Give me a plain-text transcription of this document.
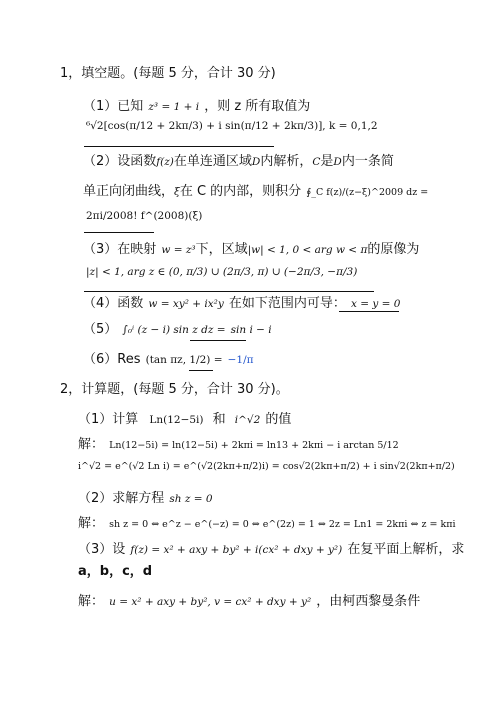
1，填空题。(每题 5 分，合计 30 分)
（1）已知 z³ = 1 + i ，则 z 所有取值为
⁶√2[cos(π/12 + 2kπ/3) + i sin(π/12 + 2kπ/3)], k = 0,1,2
（2）设函数f(z)在单连通区域D内解析，C是D内一条简
单正向闭曲线，ξ在 C 的内部，则积分 ∮_C f(z)/(z−ξ)^2009 dz =
2πi/2008! f^(2008)(ξ)
（3）在映射 w = z³下，区域|w| < 1, 0 < arg w < π的原像为
|z| < 1, arg z ∈ (0, π/3) ∪ (2π/3, π) ∪ (−2π/3, −π/3)
（4）函数 w = xy² + ix²y 在如下范围内可导： x = y = 0
（5） ∫₀ⁱ (z − i) sin z dz = sin i − i
（6）Res (tan πz, 1/2) = −1/π
2，计算题，(每题 5 分，合计 30 分)。
（1）计算 Ln(12−5i) 和 i^√2 的值
解： Ln(12−5i) = ln(12−5i) + 2kπi = ln13 + 2kπi − i arctan 5/12
i^√2 = e^(√2 Ln i) = e^(√2(2kπ+π/2)i) = cos√2(2kπ+π/2) + i sin√2(2kπ+π/2)
（2）求解方程 sh z = 0
解： sh z = 0 ⇔ e^z − e^(−z) = 0 ⇔ e^(2z) = 1 ⇔ 2z = Ln1 = 2kπi ⇔ z = kπi
（3）设 f(z) = x² + axy + by² + i(cx² + dxy + y²) 在复平面上解析，求
a，b，c，d
解： u = x² + axy + by², v = cx² + dxy + y² ，由柯西黎曼条件
